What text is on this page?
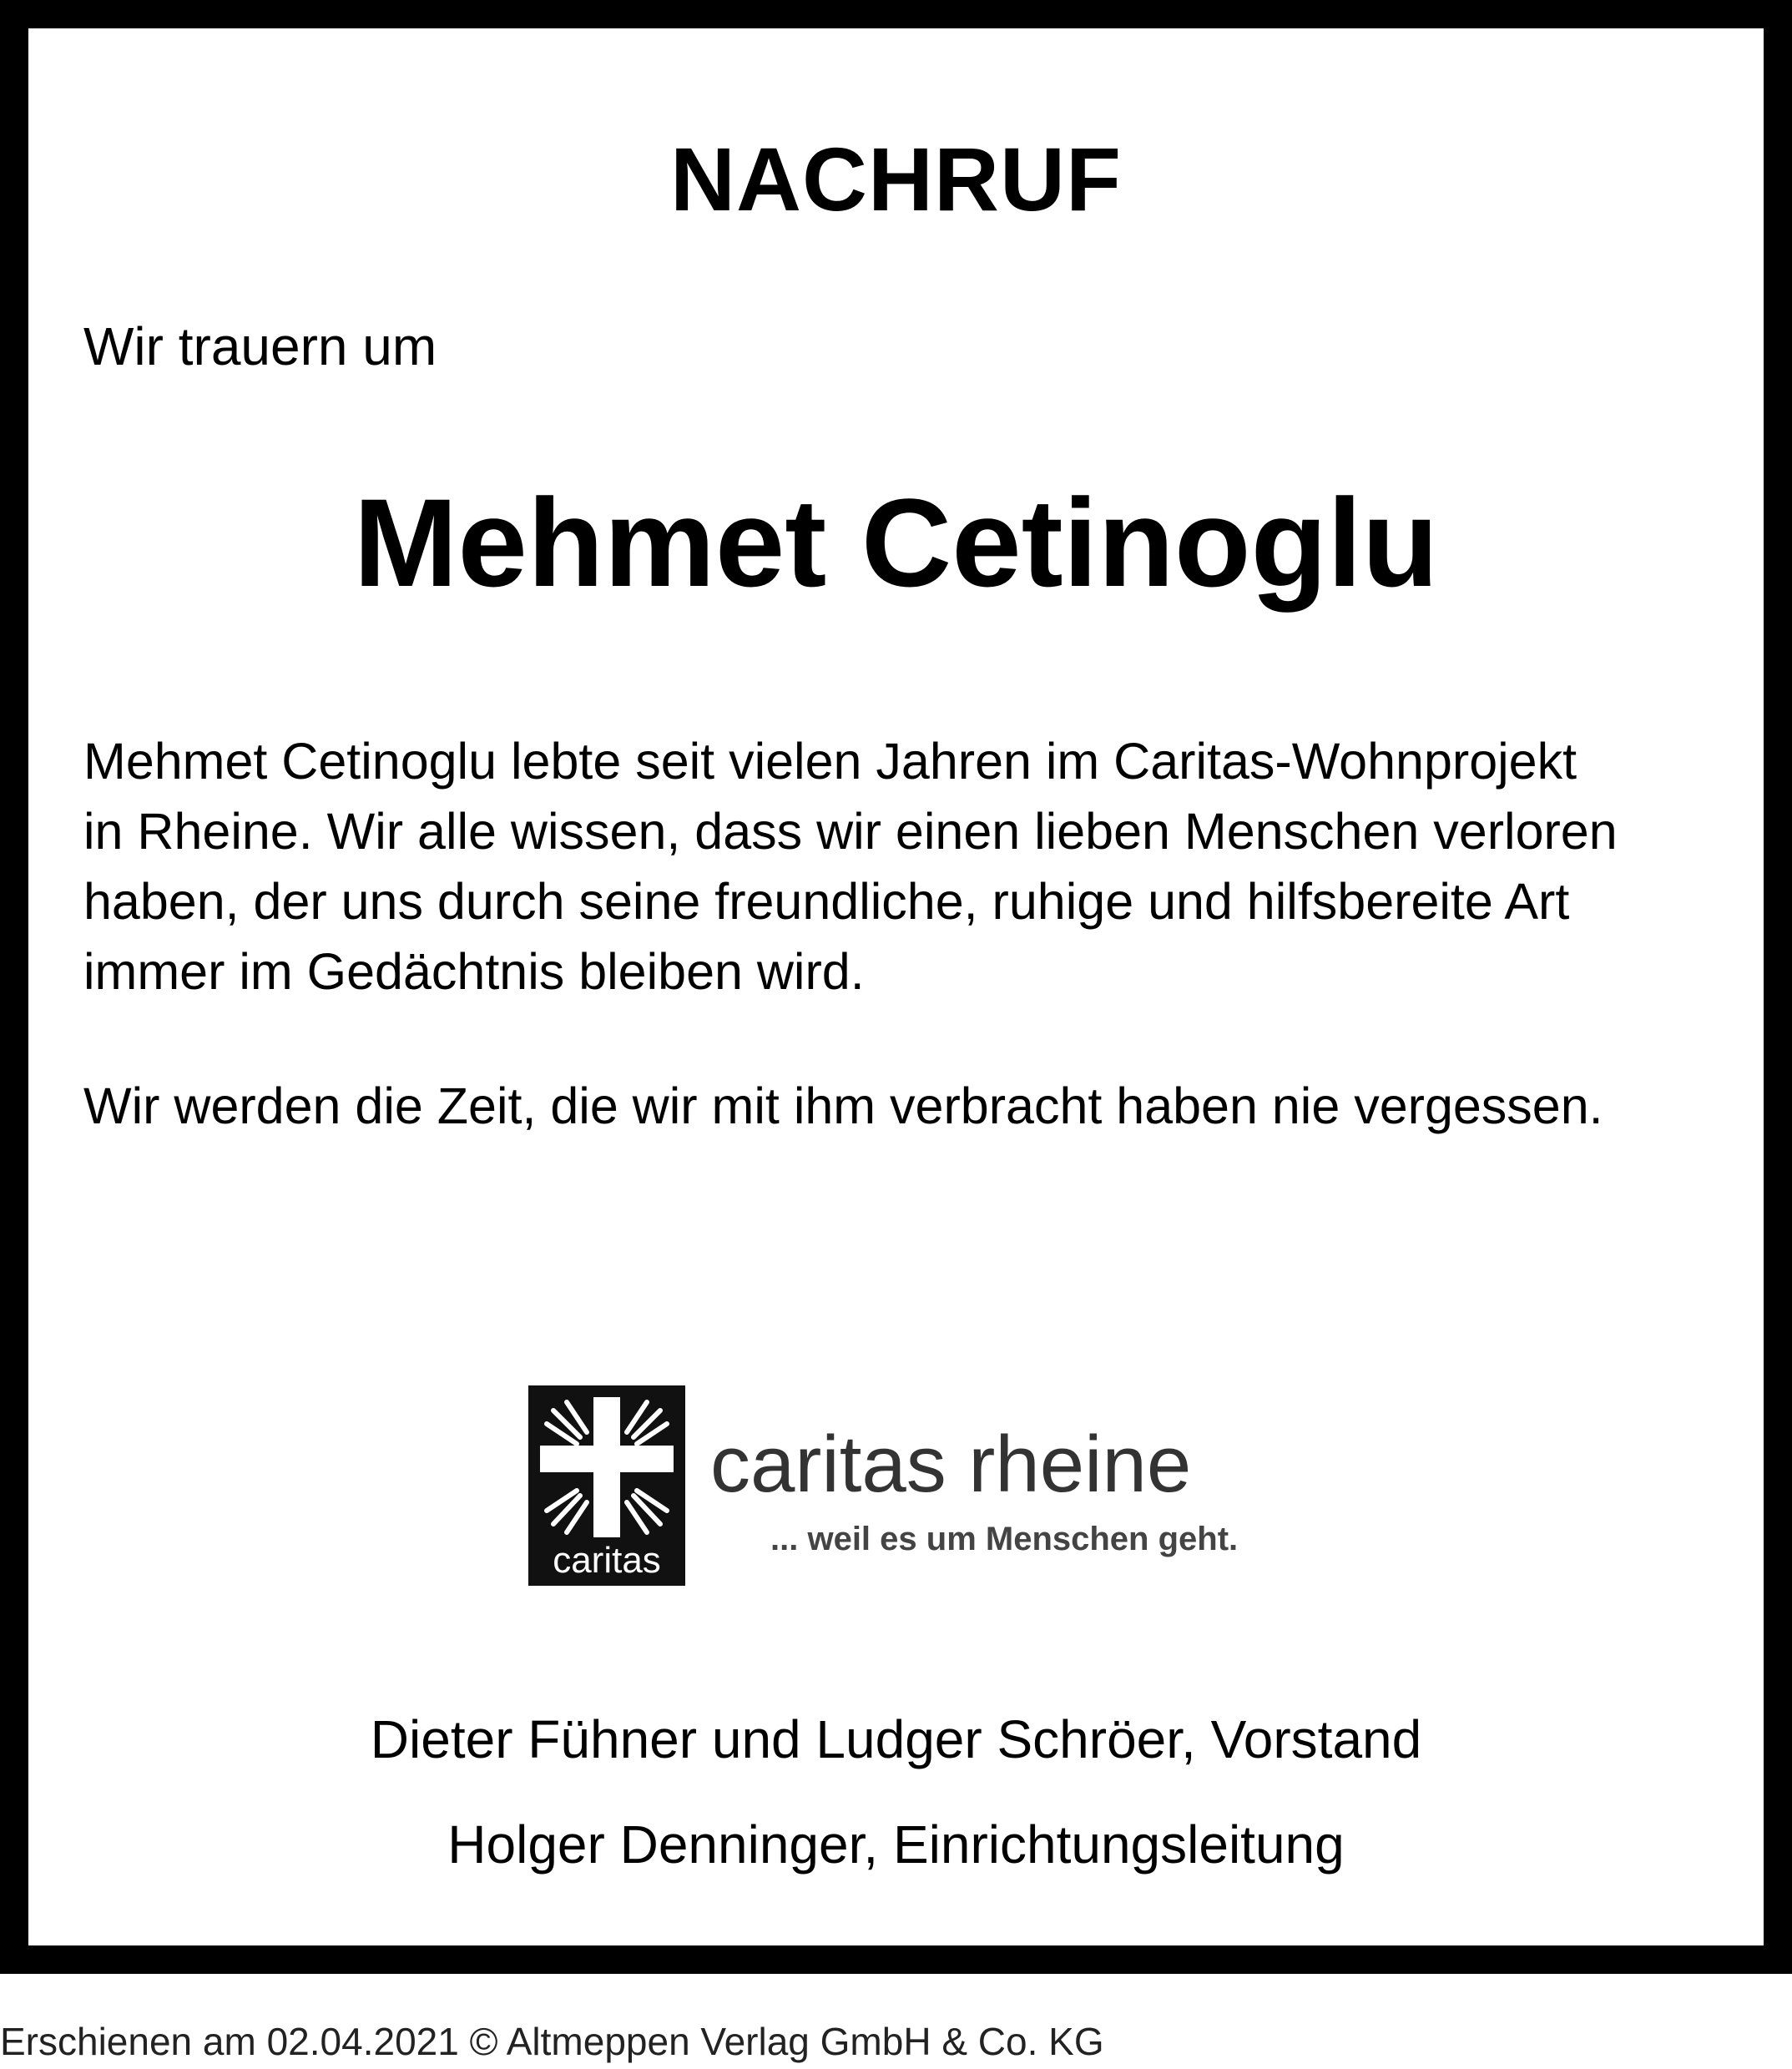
NACHRUF
Wir trauern um
Mehmet Cetinoglu
Mehmet Cetinoglu lebte seit vielen Jahren im Caritas-Wohnprojekt
in Rheine. Wir alle wissen, dass wir einen lieben Menschen verloren
haben, der uns durch seine freundliche, ruhige und hilfsbereite Art
immer im Gedächtnis bleiben wird.
Wir werden die Zeit, die wir mit ihm verbracht haben nie vergessen.
caritas
caritas rheine
... weil es um Menschen geht.
Dieter Fühner und Ludger Schröer, Vorstand
Holger Denninger, Einrichtungsleitung
Erschienen am 02.04.2021 © Altmeppen Verlag GmbH & Co. KG
